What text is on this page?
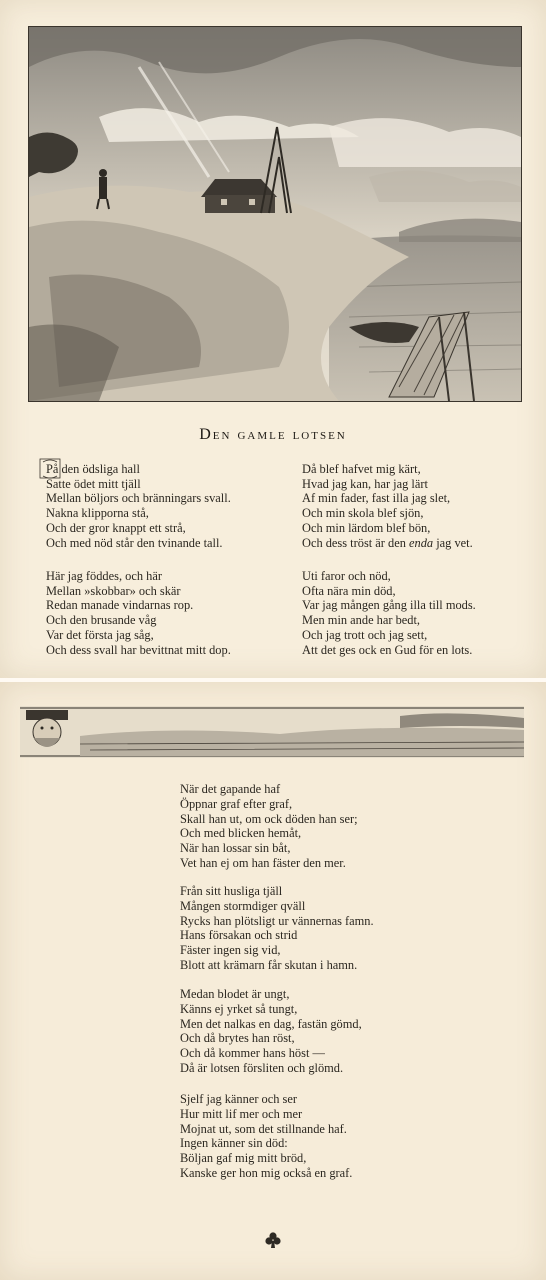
Den gamle lotsen
På den ödsliga hall
Satte ödet mitt tjäll
Mellan böljors och bränningars svall.
Nakna klipporna stå,
Och der gror knappt ett strå,
Och med nöd står den tvinande tall.
Då blef hafvet mig kärt,
Hvad jag kan, har jag lärt
Af min fader, fast illa jag slet,
Och min skola blef sjön,
Och min lärdom blef bön,
Och dess tröst är den enda jag vet.
Här jag föddes, och här
Mellan »skobbar» och skär
Redan manade vindarnas rop.
Och den brusande våg
Var det första jag såg,
Och dess svall har bevittnat mitt dop.
Uti faror och nöd,
Ofta nära min död,
Var jag mången gång illa till mods.
Men min ande har bedt,
Och jag trott och jag sett,
Att det ges ock en Gud för en lots.
När det gapande haf
Öppnar graf efter graf,
Skall han ut, om ock döden han ser;
Och med blicken hemåt,
När han lossar sin båt,
Vet han ej om han fäster den mer.
Från sitt husliga tjäll
Mången stormdiger qväll
Rycks han plötsligt ur vännernas famn.
Hans försakan och strid
Fäster ingen sig vid,
Blott att krämarn får skutan i hamn.
Medan blodet är ungt,
Känns ej yrket så tungt,
Men det nalkas en dag, fastän gömd,
Och då brytes han röst,
Och då kommer hans höst —
Då är lotsen försliten och glömd.
Sjelf jag känner och ser
Hur mitt lif mer och mer
Mojnat ut, som det stillnande haf.
Ingen känner sin död:
Böljan gaf mig mitt bröd,
Kanske ger hon mig också en graf.
